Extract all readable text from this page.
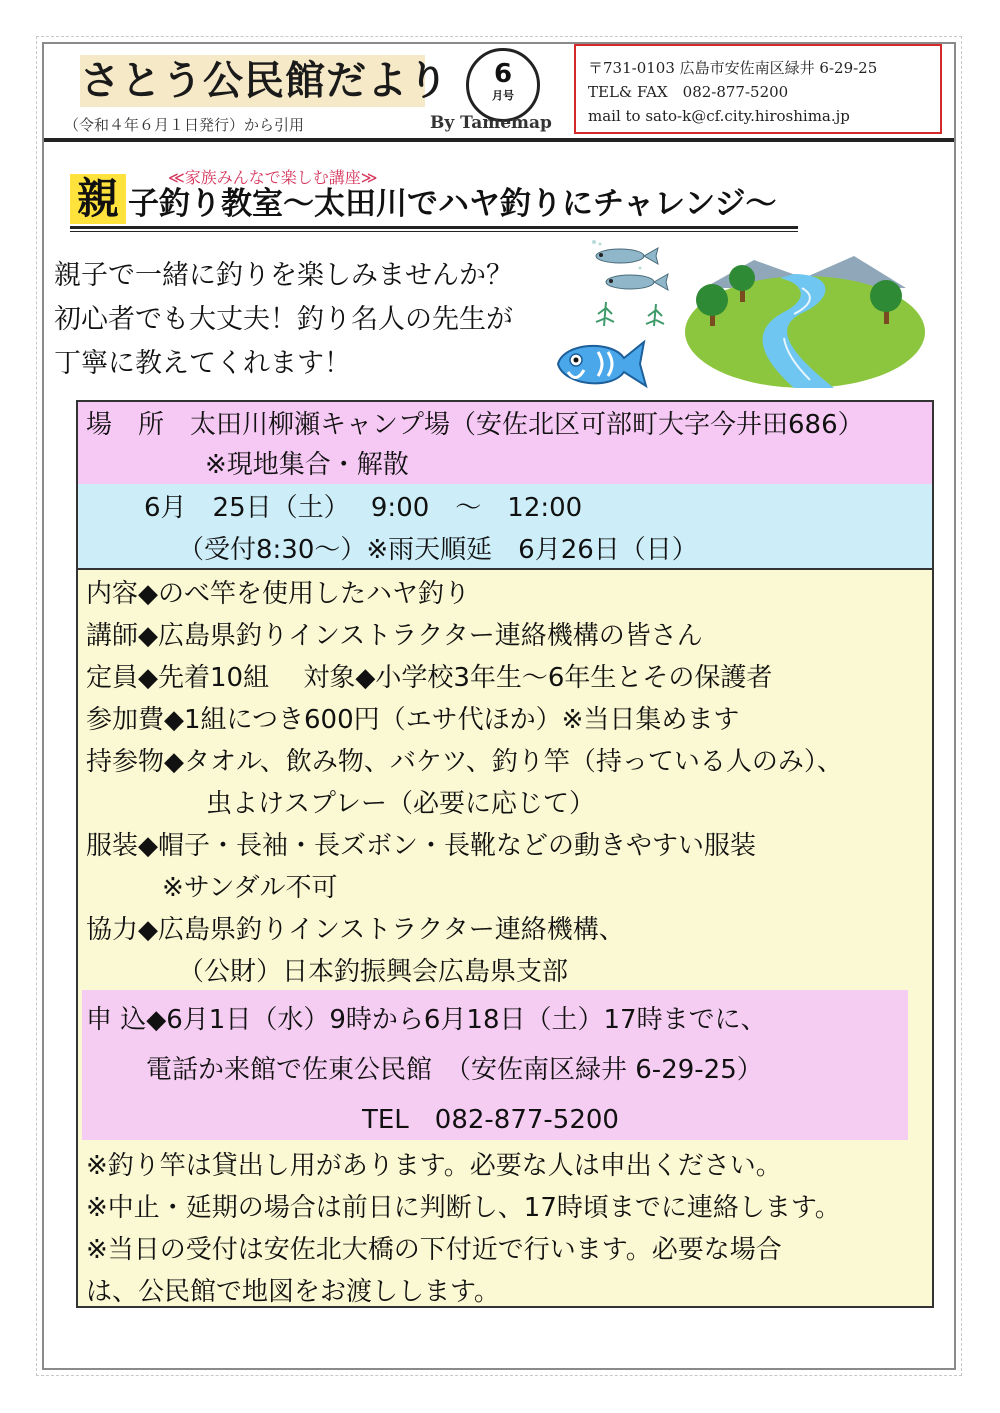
さとう公民館だより
（令和４年６月１日発行）から引用
6
月号
By Tamemap
〒731-0103 広島市安佐南区緑井 6-29-25
TEL& FAX　082-877-5200
mail to sato-k@cf.city.hiroshima.jp
≪家族みんなで楽しむ講座≫
親 子釣り教室～太田川でハヤ釣りにチャレンジ～
親子で一緒に釣りを楽しみませんか？
初心者でも大丈夫！釣り名人の先生が
丁寧に教えてくれます！
場　所　太田川柳瀬キャンプ場（安佐北区可部町大字今井田686）
※現地集合・解散
6月　25日（土）　 9:00　～　12:00
（受付8:30～）※雨天順延　6月26日（日）
内容◆のべ竿を使用したハヤ釣り
講師◆広島県釣りインストラクター連絡機構の皆さん
定員◆先着10組　 対象◆小学校3年生～6年生とその保護者
参加費◆1組につき600円（エサ代ほか）※当日集めます
持参物◆タオル、飲み物、バケツ、釣り竿（持っている人のみ）、
虫よけスプレー（必要に応じて）
服装◆帽子・長袖・長ズボン・長靴などの動きやすい服装
※サンダル不可
協力◆広島県釣りインストラクター連絡機構、
（公財）日本釣振興会広島県支部
申 込◆6月1日（水）9時から6月18日（土）17時までに、
電話か来館で佐東公民館　（安佐南区緑井 6-29-25）
TEL　082-877-5200
※釣り竿は貸出し用があります。必要な人は申出ください。
※中止・延期の場合は前日に判断し、17時頃までに連絡します。
※当日の受付は安佐北大橋の下付近で行います。必要な場合
は、公民館で地図をお渡しします。
